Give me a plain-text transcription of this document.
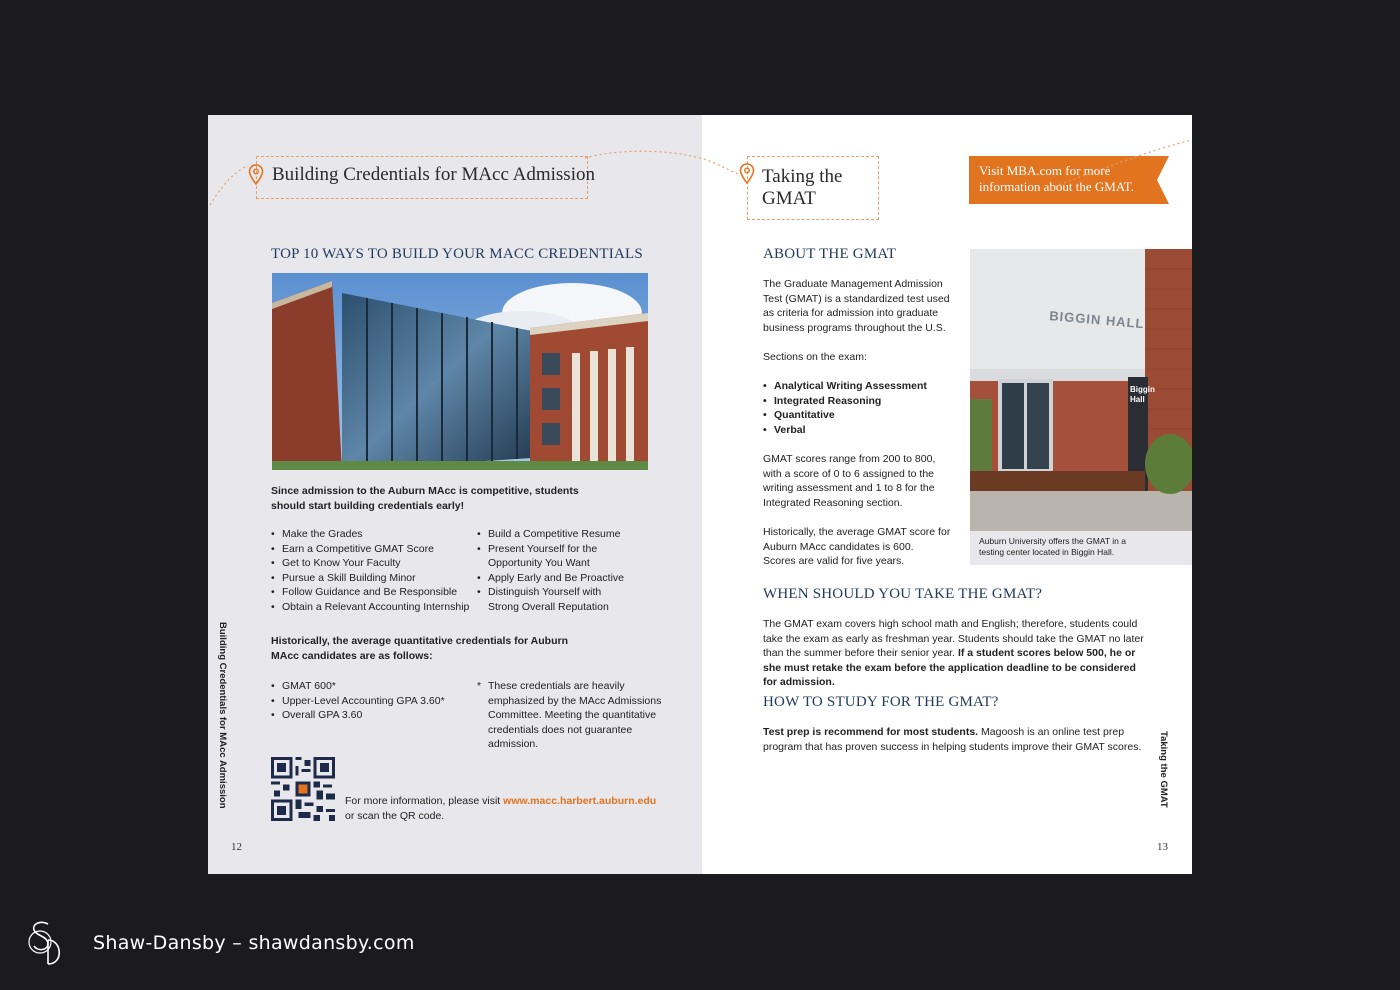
Building Credentials for MAcc Admission
TOP 10 WAYS TO BUILD YOUR MACC CREDENTIALS
Since admission to the Auburn MAcc is competitive, students should start building credentials early!
• Make the Grades
• Earn a Competitive GMAT Score
• Get to Know Your Faculty
• Pursue a Skill Building Minor
• Follow Guidance and Be Responsible
• Obtain a Relevant Accounting Internship
• Build a Competitive Resume
• Present Yourself for the Opportunity You Want
• Apply Early and Be Proactive
• Distinguish Yourself with Strong Overall Reputation
Historically, the average quantitative credentials for Auburn MAcc candidates are as follows:
• GMAT 600*
• Upper-Level Accounting GPA 3.60*
• Overall GPA 3.60
* These credentials are heavily emphasized by the MAcc Admissions Committee. Meeting the quantitative credentials does not guarantee admission.
For more information, please visit www.macc.harbert.auburn.edu
or scan the QR code.
Building Credentials for MAcc Admission
12
Taking the
GMAT
Visit MBA.com for more information about the GMAT.
ABOUT THE GMAT
The Graduate Management Admission Test (GMAT) is a standardized test used as criteria for admission into graduate business programs throughout the U.S.
Sections on the exam:
• Analytical Writing Assessment
• Integrated Reasoning
• Quantitative
• Verbal
GMAT scores range from 200 to 800, with a score of 0 to 6 assigned to the writing assessment and 1 to 8 for the Integrated Reasoning section.
Historically, the average GMAT score for Auburn MAcc candidates is 600.
Scores are valid for five years.
BIGGIN HALL
Biggin Hall
Auburn University offers the GMAT in a testing center located in Biggin Hall.
WHEN SHOULD YOU TAKE THE GMAT?
The GMAT exam covers high school math and English; therefore, students could take the exam as early as freshman year. Students should take the GMAT no later than the summer before their senior year. If a student scores below 500, he or she must retake the exam before the application deadline to be considered for admission.
HOW TO STUDY FOR THE GMAT?
Test prep is recommend for most students. Magoosh is an online test prep program that has proven success in helping students improve their GMAT scores.	Taking the GMAT
13
Shaw-Dansby – shawdansby.com
